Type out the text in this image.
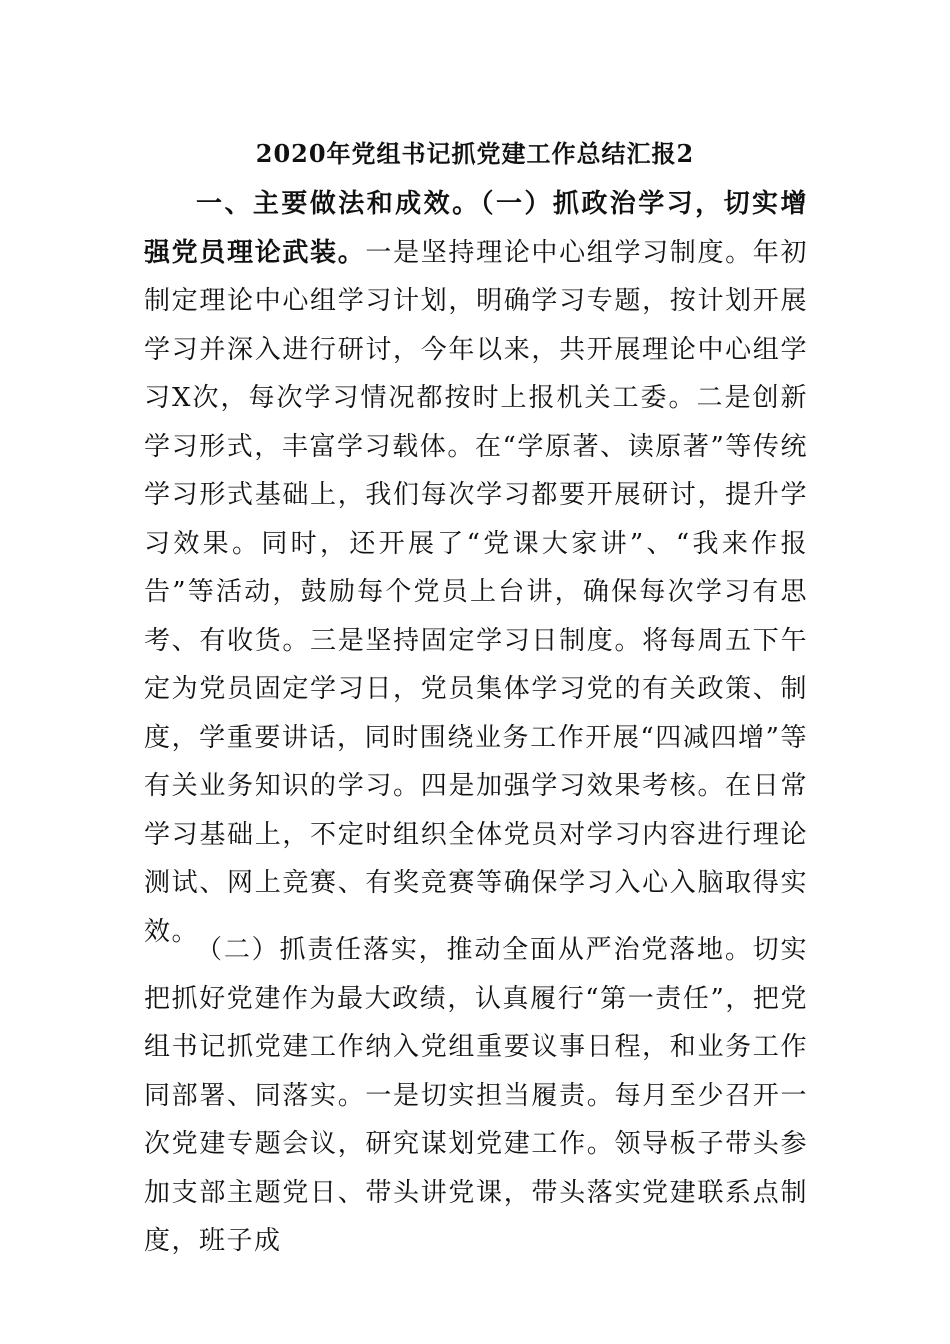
2020年党组书记抓党建工作总结汇报2

一、主要做法和成效。（一）抓政治学习，切实增强党员理论武装。一是坚持理论中心组学习制度。年初制定理论中心组学习计划，明确学习专题，按计划开展学习并深入进行研讨，今年以来，共开展理论中心组学习X次，每次学习情况都按时上报机关工委。二是创新学习形式，丰富学习载体。在“学原著、读原著”等传统学习形式基础上，我们每次学习都要开展研讨，提升学习效果。同时，还开展了“党课大家讲”、“我来作报告”等活动，鼓励每个党员上台讲，确保每次学习有思考、有收货。三是坚持固定学习日制度。将每周五下午定为党员固定学习日，党员集体学习党的有关政策、制度，学重要讲话，同时围绕业务工作开展“四减四增”等有关业务知识的学习。四是加强学习效果考核。在日常学习基础上，不定时组织全体党员对学习内容进行理论测试、网上竞赛、有奖竞赛等确保学习入心入脑取得实效。

（二）抓责任落实，推动全面从严治党落地。切实把抓好党建作为最大政绩，认真履行“第一责任”，把党组书记抓党建工作纳入党组重要议事日程，和业务工作同部署、同落实。一是切实担当履责。每月至少召开一次党建专题会议，研究谋划党建工作。领导板子带头参加支部主题党日、带头讲党课，带头落实党建联系点制度，班子成
